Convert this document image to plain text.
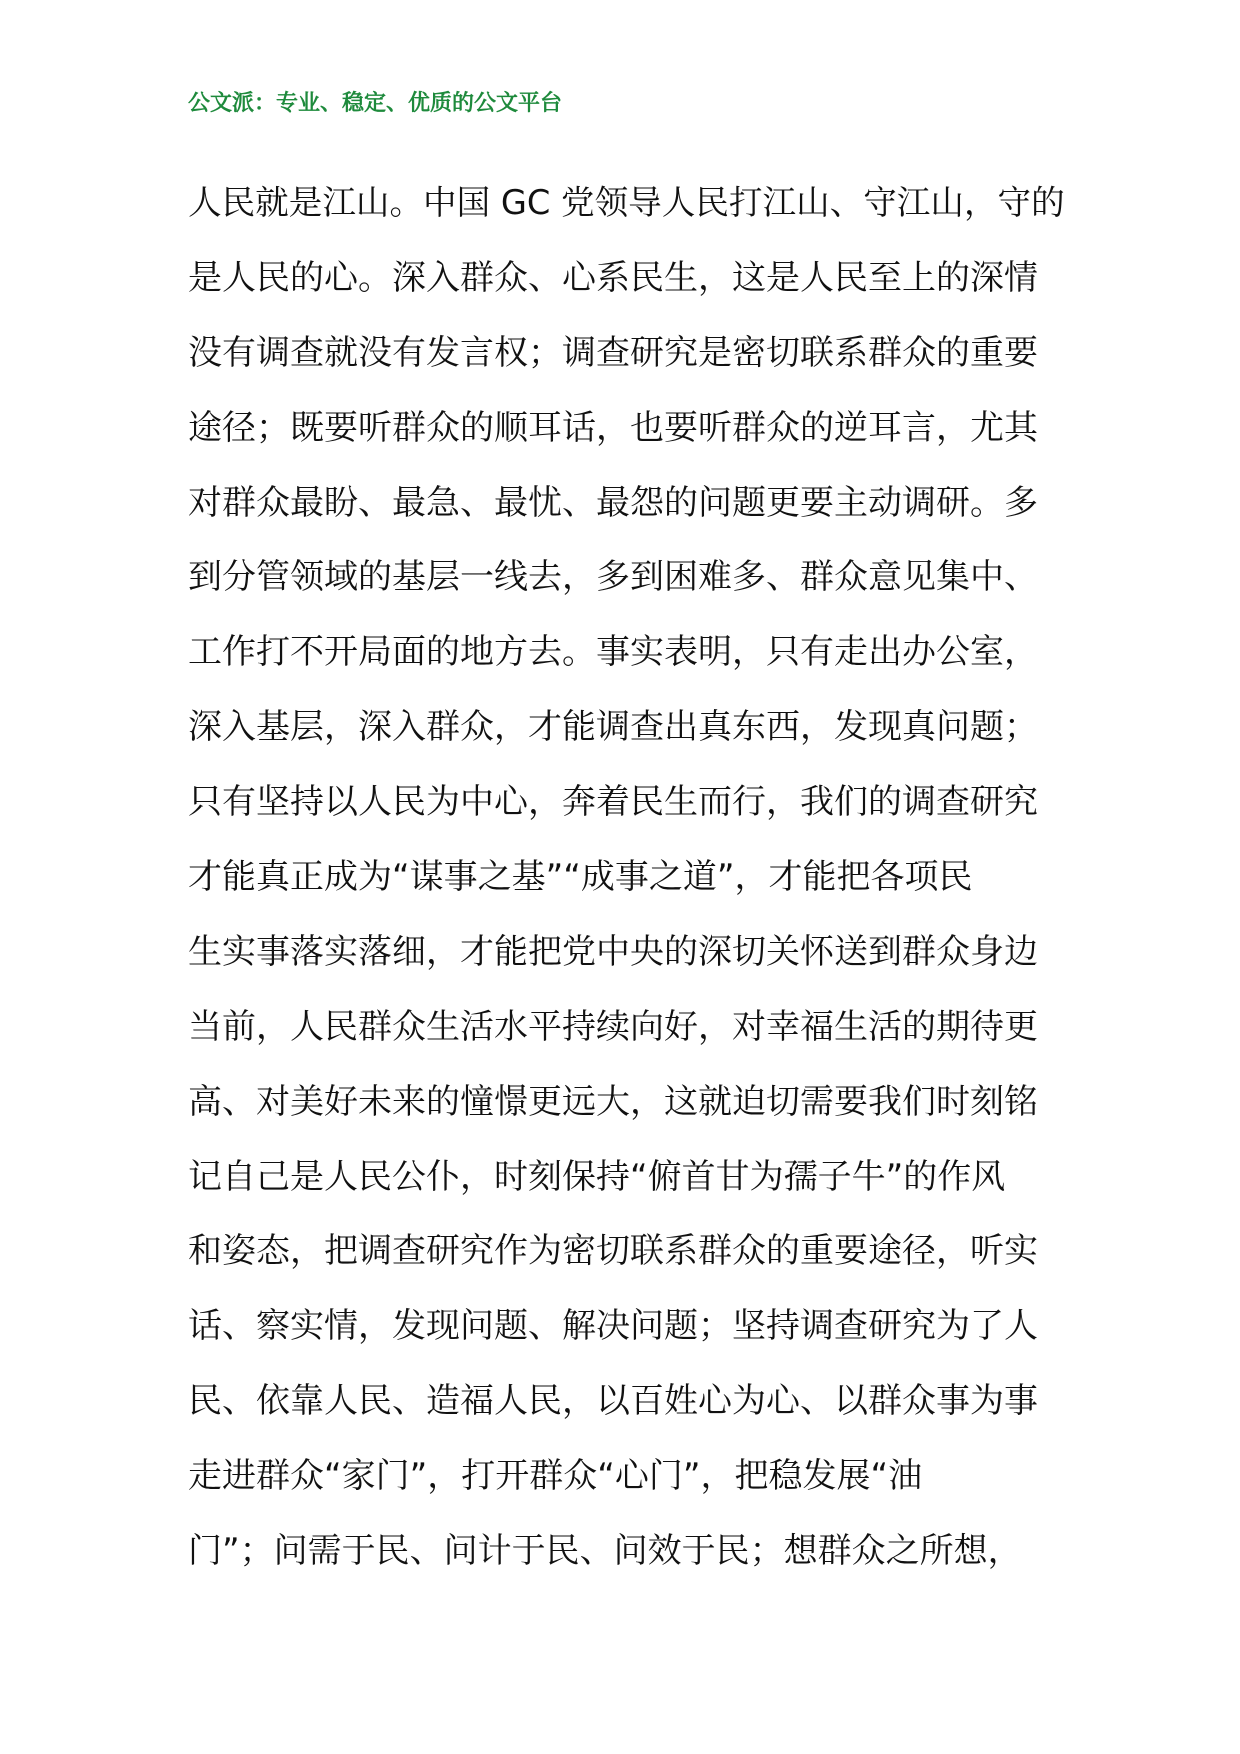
公文派：专业、稳定、优质的公文平台
人民就是江山。中国 GC 党领导人民打江山、守江山，守的
是人民的心。深入群众、心系民生，这是人民至上的深情
没有调查就没有发言权；调查研究是密切联系群众的重要
途径；既要听群众的顺耳话，也要听群众的逆耳言，尤其
对群众最盼、最急、最忧、最怨的问题更要主动调研。多
到分管领域的基层一线去，多到困难多、群众意见集中、
工作打不开局面的地方去。事实表明，只有走出办公室，
深入基层，深入群众，才能调查出真东西，发现真问题；
只有坚持以人民为中心，奔着民生而行，我们的调查研究
才能真正成为“谋事之基”“成事之道”，才能把各项民
生实事落实落细，才能把党中央的深切关怀送到群众身边
当前，人民群众生活水平持续向好，对幸福生活的期待更
高、对美好未来的憧憬更远大，这就迫切需要我们时刻铭
记自己是人民公仆，时刻保持“俯首甘为孺子牛”的作风
和姿态，把调查研究作为密切联系群众的重要途径，听实
话、察实情，发现问题、解决问题；坚持调查研究为了人
民、依靠人民、造福人民，以百姓心为心、以群众事为事
走进群众“家门”，打开群众“心门”，把稳发展“油
门”；问需于民、问计于民、问效于民；想群众之所想，
